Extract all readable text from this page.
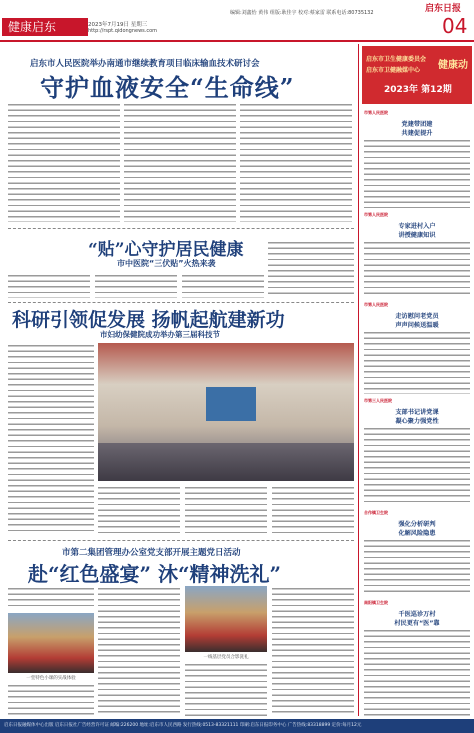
健康启东	2023年7月19日 星期三
http://rspt.qidongnews.com
编辑:刘鑫怡 黄伟 组版:耿佳宇 校对:蔡家雷 联系电话:80735132	启东日报
04
启东市人民医院举办南通市继续教育项目临床输血技术研讨会
守护血液安全“生命线”
“贴”心守护居民健康
市中医院“三伏贴”火热来袭
科研引领促发展 扬帆起航建新功
市妇幼保健院成功举办第三届科技节
市第二集团管理办公室党支部开展主题党日活动
赴“红色盛宴” 沐“精神洗礼”
一堂特色小课的实战体验
一线基层党员合影洗礼
启东市卫生健康委员会
启东市卫健融媒中心 健康动
2023年 第12期
市第人民医院
党建带团建
共建促提升
市第人民医院
专家进村入户
讲授健康知识
市第人民医院
走访慰问老党员
声声问候送温暖
市第三人民医院
支部书记讲党课
凝心聚力强党性
合作镇卫生院
强化分析研判
化解风险隐患
南阳镇卫生院
千医巡诊万村
村民更有“医”靠
启东日报融媒体中心出版 启东日报社广告经营许可证 邮编:226200 地址:启东市人民西路 发行热线:0513-83321111 印刷:启东日报印务中心 广告热线:83318899 定价:每月12元
